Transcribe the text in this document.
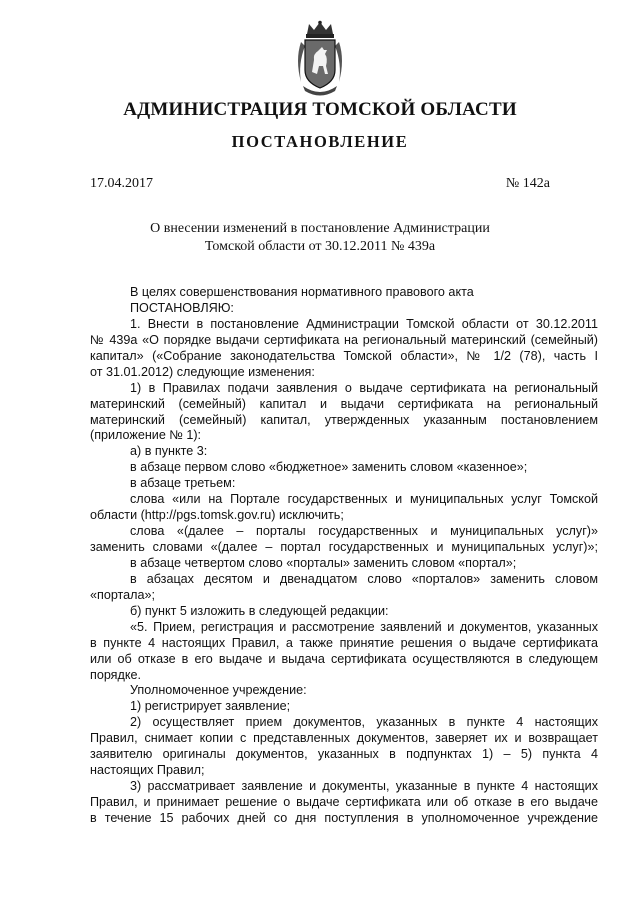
АДМИНИСТРАЦИЯ ТОМСКОЙ ОБЛАСТИ
ПОСТАНОВЛЕНИЕ
17.04.2017	№ 142а
О внесении изменений в постановление Администрации
Томской области от 30.12.2011 № 439а
В целях совершенствования нормативного правового акта
ПОСТАНОВЛЯЮ:
1. Внести в постановление Администрации Томской области от 30.12.2011
№ 439а «О порядке выдачи сертификата на региональный материнский (семейный)
капитал» («Собрание законодательства Томской области», № 1/2 (78), часть I
от 31.01.2012) следующие изменения:
1) в Правилах подачи заявления о выдаче сертификата на региональный
материнский (семейный) капитал и выдачи сертификата на региональный
материнский (семейный) капитал, утвержденных указанным постановлением
(приложение № 1):
а) в пункте 3:
в абзаце первом слово «бюджетное» заменить словом «казенное»;
в абзаце третьем:
слова «или на Портале государственных и муниципальных услуг Томской
области (http://pgs.tomsk.gov.ru) исключить;
слова «(далее – порталы государственных и муниципальных услуг)»
заменить словами «(далее – портал государственных и муниципальных услуг)»;
в абзаце четвертом слово «порталы» заменить словом «портал»;
в абзацах десятом и двенадцатом слово «порталов» заменить словом
«портала»;
б) пункт 5 изложить в следующей редакции:
«5. Прием, регистрация и рассмотрение заявлений и документов, указанных
в пункте 4 настоящих Правил, а также принятие решения о выдаче сертификата
или об отказе в его выдаче и выдача сертификата осуществляются в следующем
порядке.
Уполномоченное учреждение:
1) регистрирует заявление;
2) осуществляет прием документов, указанных в пункте 4 настоящих
Правил, снимает копии с представленных документов, заверяет их и возвращает
заявителю оригиналы документов, указанных в подпунктах 1) – 5) пункта 4
настоящих Правил;
3) рассматривает заявление и документы, указанные в пункте 4 настоящих
Правил, и принимает решение о выдаче сертификата или об отказе в его выдаче
в течение 15 рабочих дней со дня поступления в уполномоченное учреждение
